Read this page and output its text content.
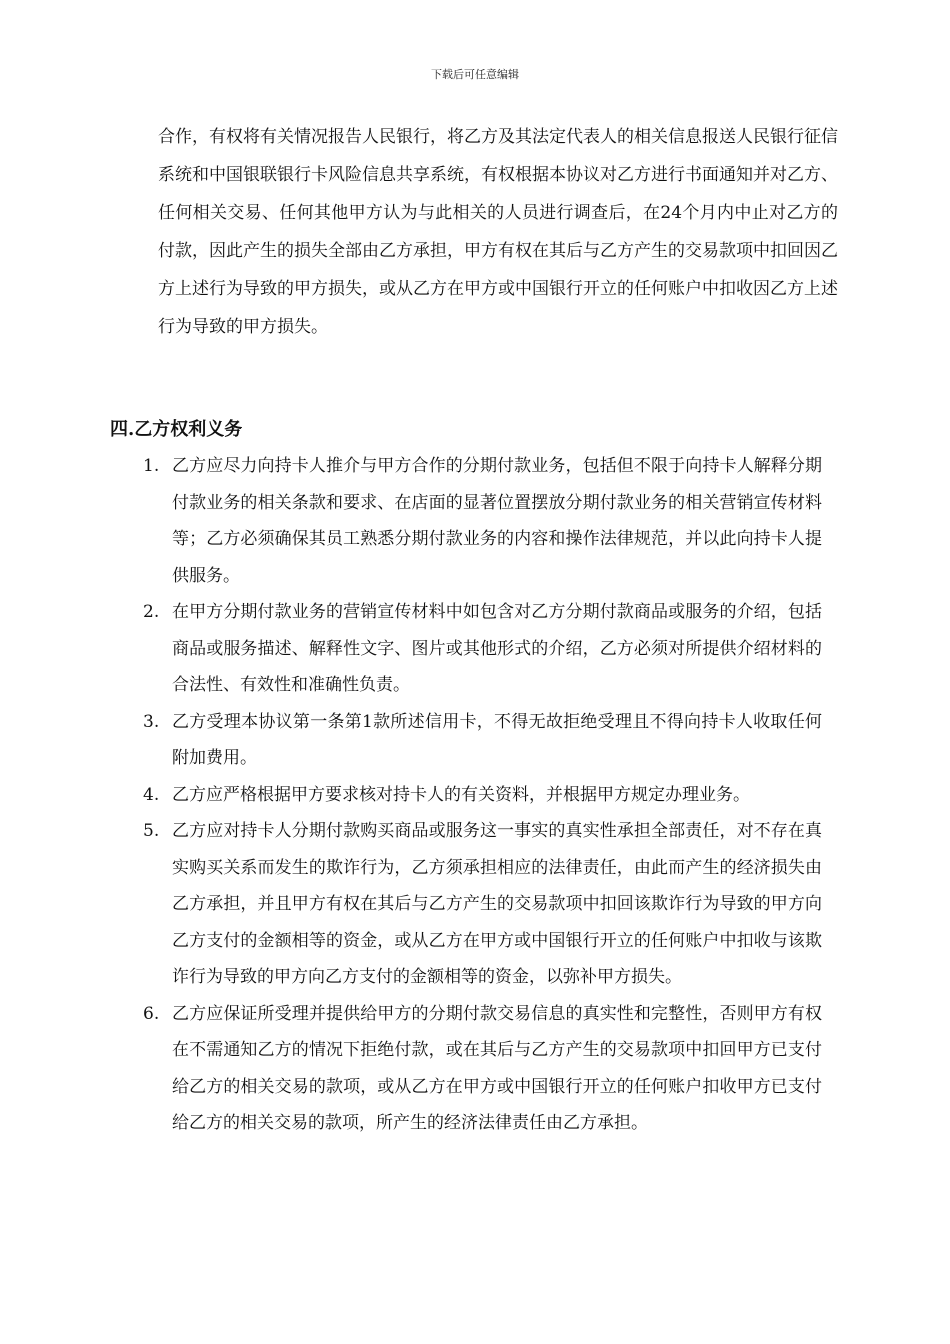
下载后可任意编辑

合作，有权将有关情况报告人民银行，将乙方及其法定代表人的相关信息报送人民银行征信系统和中国银联银行卡风险信息共享系统，有权根据本协议对乙方进行书面通知并对乙方、任何相关交易、任何其他甲方认为与此相关的人员进行调查后，在24个月内中止对乙方的付款，因此产生的损失全部由乙方承担，甲方有权在其后与乙方产生的交易款项中扣回因乙方上述行为导致的甲方损失，或从乙方在甲方或中国银行开立的任何账户中扣收因乙方上述行为导致的甲方损失。

四.乙方权利义务
1. 乙方应尽力向持卡人推介与甲方合作的分期付款业务，包括但不限于向持卡人解释分期付款业务的相关条款和要求、在店面的显著位置摆放分期付款业务的相关营销宣传材料等；乙方必须确保其员工熟悉分期付款业务的内容和操作法律规范，并以此向持卡人提供服务。
2. 在甲方分期付款业务的营销宣传材料中如包含对乙方分期付款商品或服务的介绍，包括商品或服务描述、解释性文字、图片或其他形式的介绍，乙方必须对所提供介绍材料的合法性、有效性和准确性负责。
3. 乙方受理本协议第一条第1款所述信用卡，不得无故拒绝受理且不得向持卡人收取任何附加费用。
4. 乙方应严格根据甲方要求核对持卡人的有关资料，并根据甲方规定办理业务。
5. 乙方应对持卡人分期付款购买商品或服务这一事实的真实性承担全部责任，对不存在真实购买关系而发生的欺诈行为，乙方须承担相应的法律责任，由此而产生的经济损失由乙方承担，并且甲方有权在其后与乙方产生的交易款项中扣回该欺诈行为导致的甲方向乙方支付的金额相等的资金，或从乙方在甲方或中国银行开立的任何账户中扣收与该欺诈行为导致的甲方向乙方支付的金额相等的资金，以弥补甲方损失。
6. 乙方应保证所受理并提供给甲方的分期付款交易信息的真实性和完整性，否则甲方有权在不需通知乙方的情况下拒绝付款，或在其后与乙方产生的交易款项中扣回甲方已支付给乙方的相关交易的款项，或从乙方在甲方或中国银行开立的任何账户扣收甲方已支付给乙方的相关交易的款项，所产生的经济法律责任由乙方承担。
